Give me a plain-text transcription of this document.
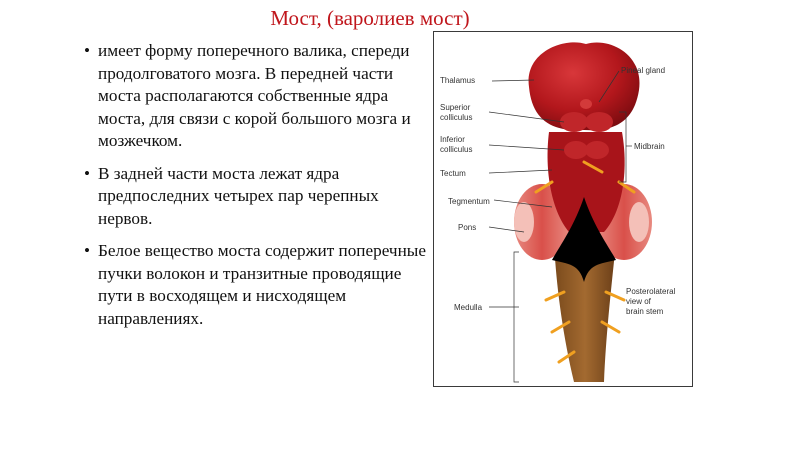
Мост, (варолиев мост)
• имеет форму поперечного валика, спереди продолговатого мозга. В передней части моста располагаются собственные ядра моста, для связи с корой большого мозга и мозжечком.
• В задней части моста лежат ядра предпоследних четырех пар черепных нервов.
• Белое вещество моста содержит поперечные пучки волокон и транзитные проводящие пути в восходящем и нисходящем направлениях.
Thalamus
Pineal gland
Superior
colliculus
Inferior
colliculus	Midbrain
Tectum
Tegmentum
Pons
Medulla
Posterolateral
view of
brain stem
